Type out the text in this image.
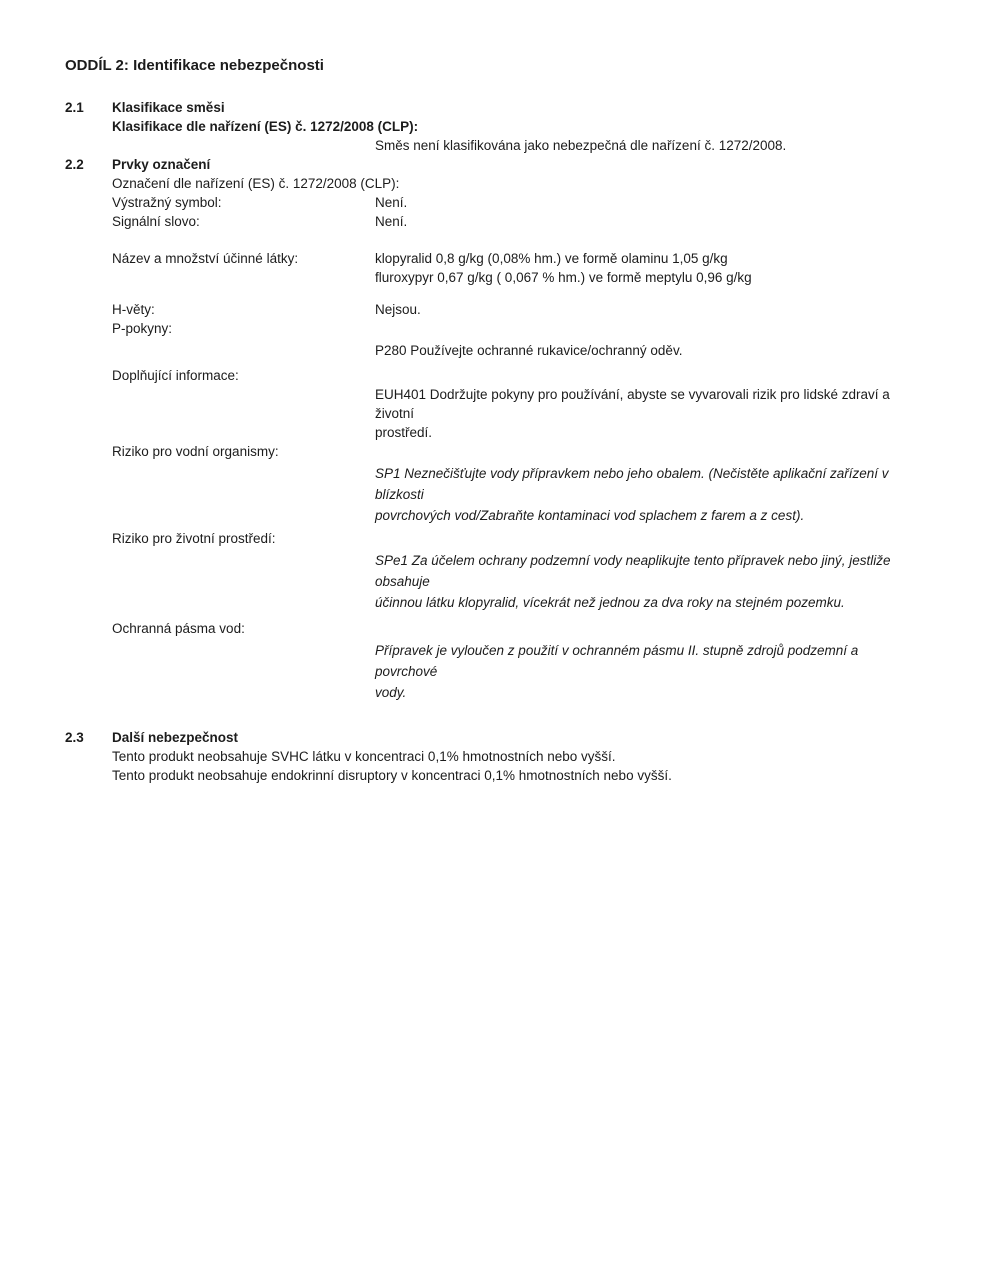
ODDÍL 2: Identifikace nebezpečnosti
2.1 Klasifikace směsi
Klasifikace dle nařízení (ES) č. 1272/2008 (CLP):
Směs není klasifikována jako nebezpečná dle nařízení č. 1272/2008.
2.2 Prvky označení
Označení dle nařízení (ES) č. 1272/2008 (CLP):
Výstražný symbol:	Není.
Signální slovo:	Není.
Název a množství účinné látky:	klopyralid 0,8 g/kg (0,08% hm.) ve formě olaminu 1,05 g/kg
fluroxypyr 0,67 g/kg ( 0,067 % hm.) ve formě meptylu 0,96 g/kg
H-věty:	Nejsou.
P-pokyny:
P280 Používejte ochranné rukavice/ochranný oděv.
Doplňující informace:
EUH401 Dodržujte pokyny pro používání, abyste se vyvarovali rizik pro lidské zdraví a životní
prostředí.
Riziko pro vodní organismy:
SP1 Neznečišťujte vody přípravkem nebo jeho obalem. (Nečistěte aplikační zařízení v blízkosti
povrchových vod/Zabraňte kontaminaci vod splachem z farem a z cest).
Riziko pro životní prostředí:
SPe1 Za účelem ochrany podzemní vody neaplikujte tento přípravek nebo jiný, jestliže obsahuje
účinnou látku klopyralid, vícekrát než jednou za dva roky na stejném pozemku.
Ochranná pásma vod:
Přípravek je vyloučen z použití v ochranném pásmu II. stupně zdrojů podzemní a povrchové
vody.
2.3 Další nebezpečnost
Tento produkt neobsahuje SVHC látku v koncentraci 0,1% hmotnostních nebo vyšší.
Tento produkt neobsahuje endokrinní disruptory v koncentraci 0,1% hmotnostních nebo vyšší.
